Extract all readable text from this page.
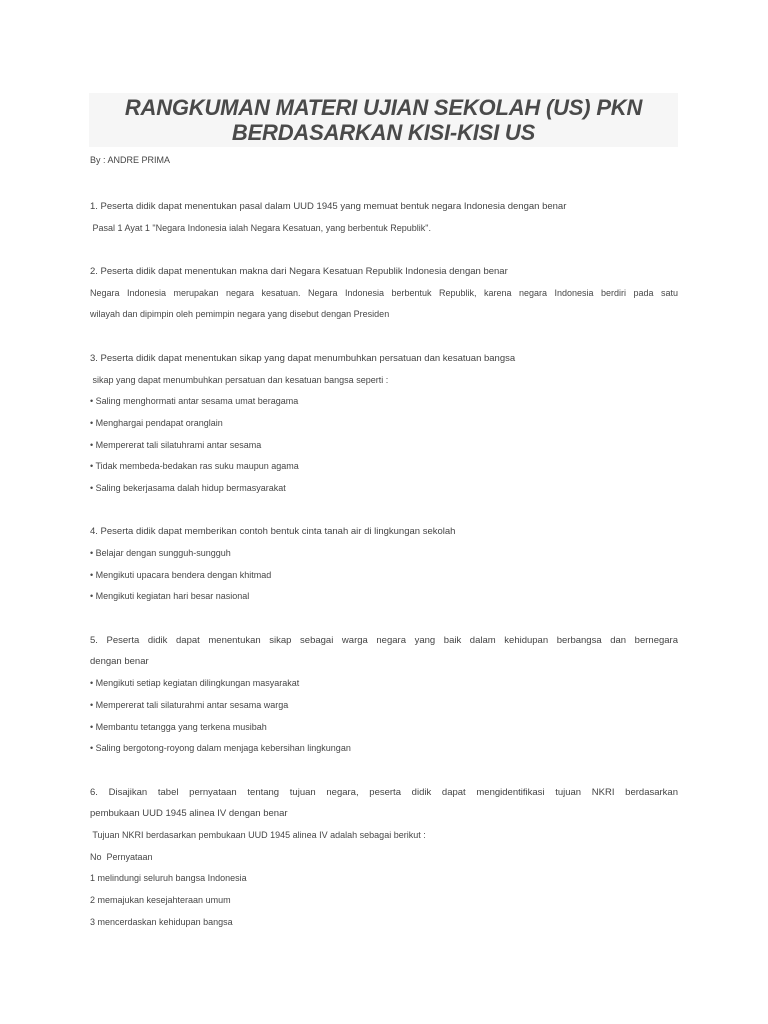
RANGKUMAN MATERI UJIAN SEKOLAH (US) PKN
BERDASARKAN KISI-KISI US
By : ANDRE PRIMA
1. Peserta didik dapat menentukan pasal dalam UUD 1945 yang memuat bentuk negara Indonesia dengan benar
Pasal 1 Ayat 1 "Negara Indonesia ialah Negara Kesatuan, yang berbentuk Republik".
2. Peserta didik dapat menentukan makna dari Negara Kesatuan Republik Indonesia dengan benar
Negara Indonesia merupakan negara kesatuan. Negara Indonesia berbentuk Republik, karena negara Indonesia berdiri pada satu
wilayah dan dipimpin oleh pemimpin negara yang disebut dengan Presiden
3. Peserta didik dapat menentukan sikap yang dapat menumbuhkan persatuan dan kesatuan bangsa
sikap yang dapat menumbuhkan persatuan dan kesatuan bangsa seperti :
• Saling menghormati antar sesama umat beragama
• Menghargai pendapat oranglain
• Mempererat tali silatuhrami antar sesama
• Tidak membeda-bedakan ras suku maupun agama
• Saling bekerjasama dalah hidup bermasyarakat
4. Peserta didik dapat memberikan contoh bentuk cinta tanah air di lingkungan sekolah
• Belajar dengan sungguh-sungguh
• Mengikuti upacara bendera dengan khitmad
• Mengikuti kegiatan hari besar nasional
5. Peserta didik dapat menentukan sikap sebagai warga negara yang baik dalam kehidupan berbangsa dan bernegara
dengan benar
• Mengikuti setiap kegiatan dilingkungan masyarakat
• Mempererat tali silaturahmi antar sesama warga
• Membantu tetangga yang terkena musibah
• Saling bergotong-royong dalam menjaga kebersihan lingkungan
6. Disajikan tabel pernyataan tentang tujuan negara, peserta didik dapat mengidentifikasi tujuan NKRI berdasarkan
pembukaan UUD 1945 alinea IV dengan benar
Tujuan NKRI berdasarkan pembukaan UUD 1945 alinea IV adalah sebagai berikut :
No  Pernyataan
1 melindungi seluruh bangsa Indonesia
2 memajukan kesejahteraan umum
3 mencerdaskan kehidupan bangsa
